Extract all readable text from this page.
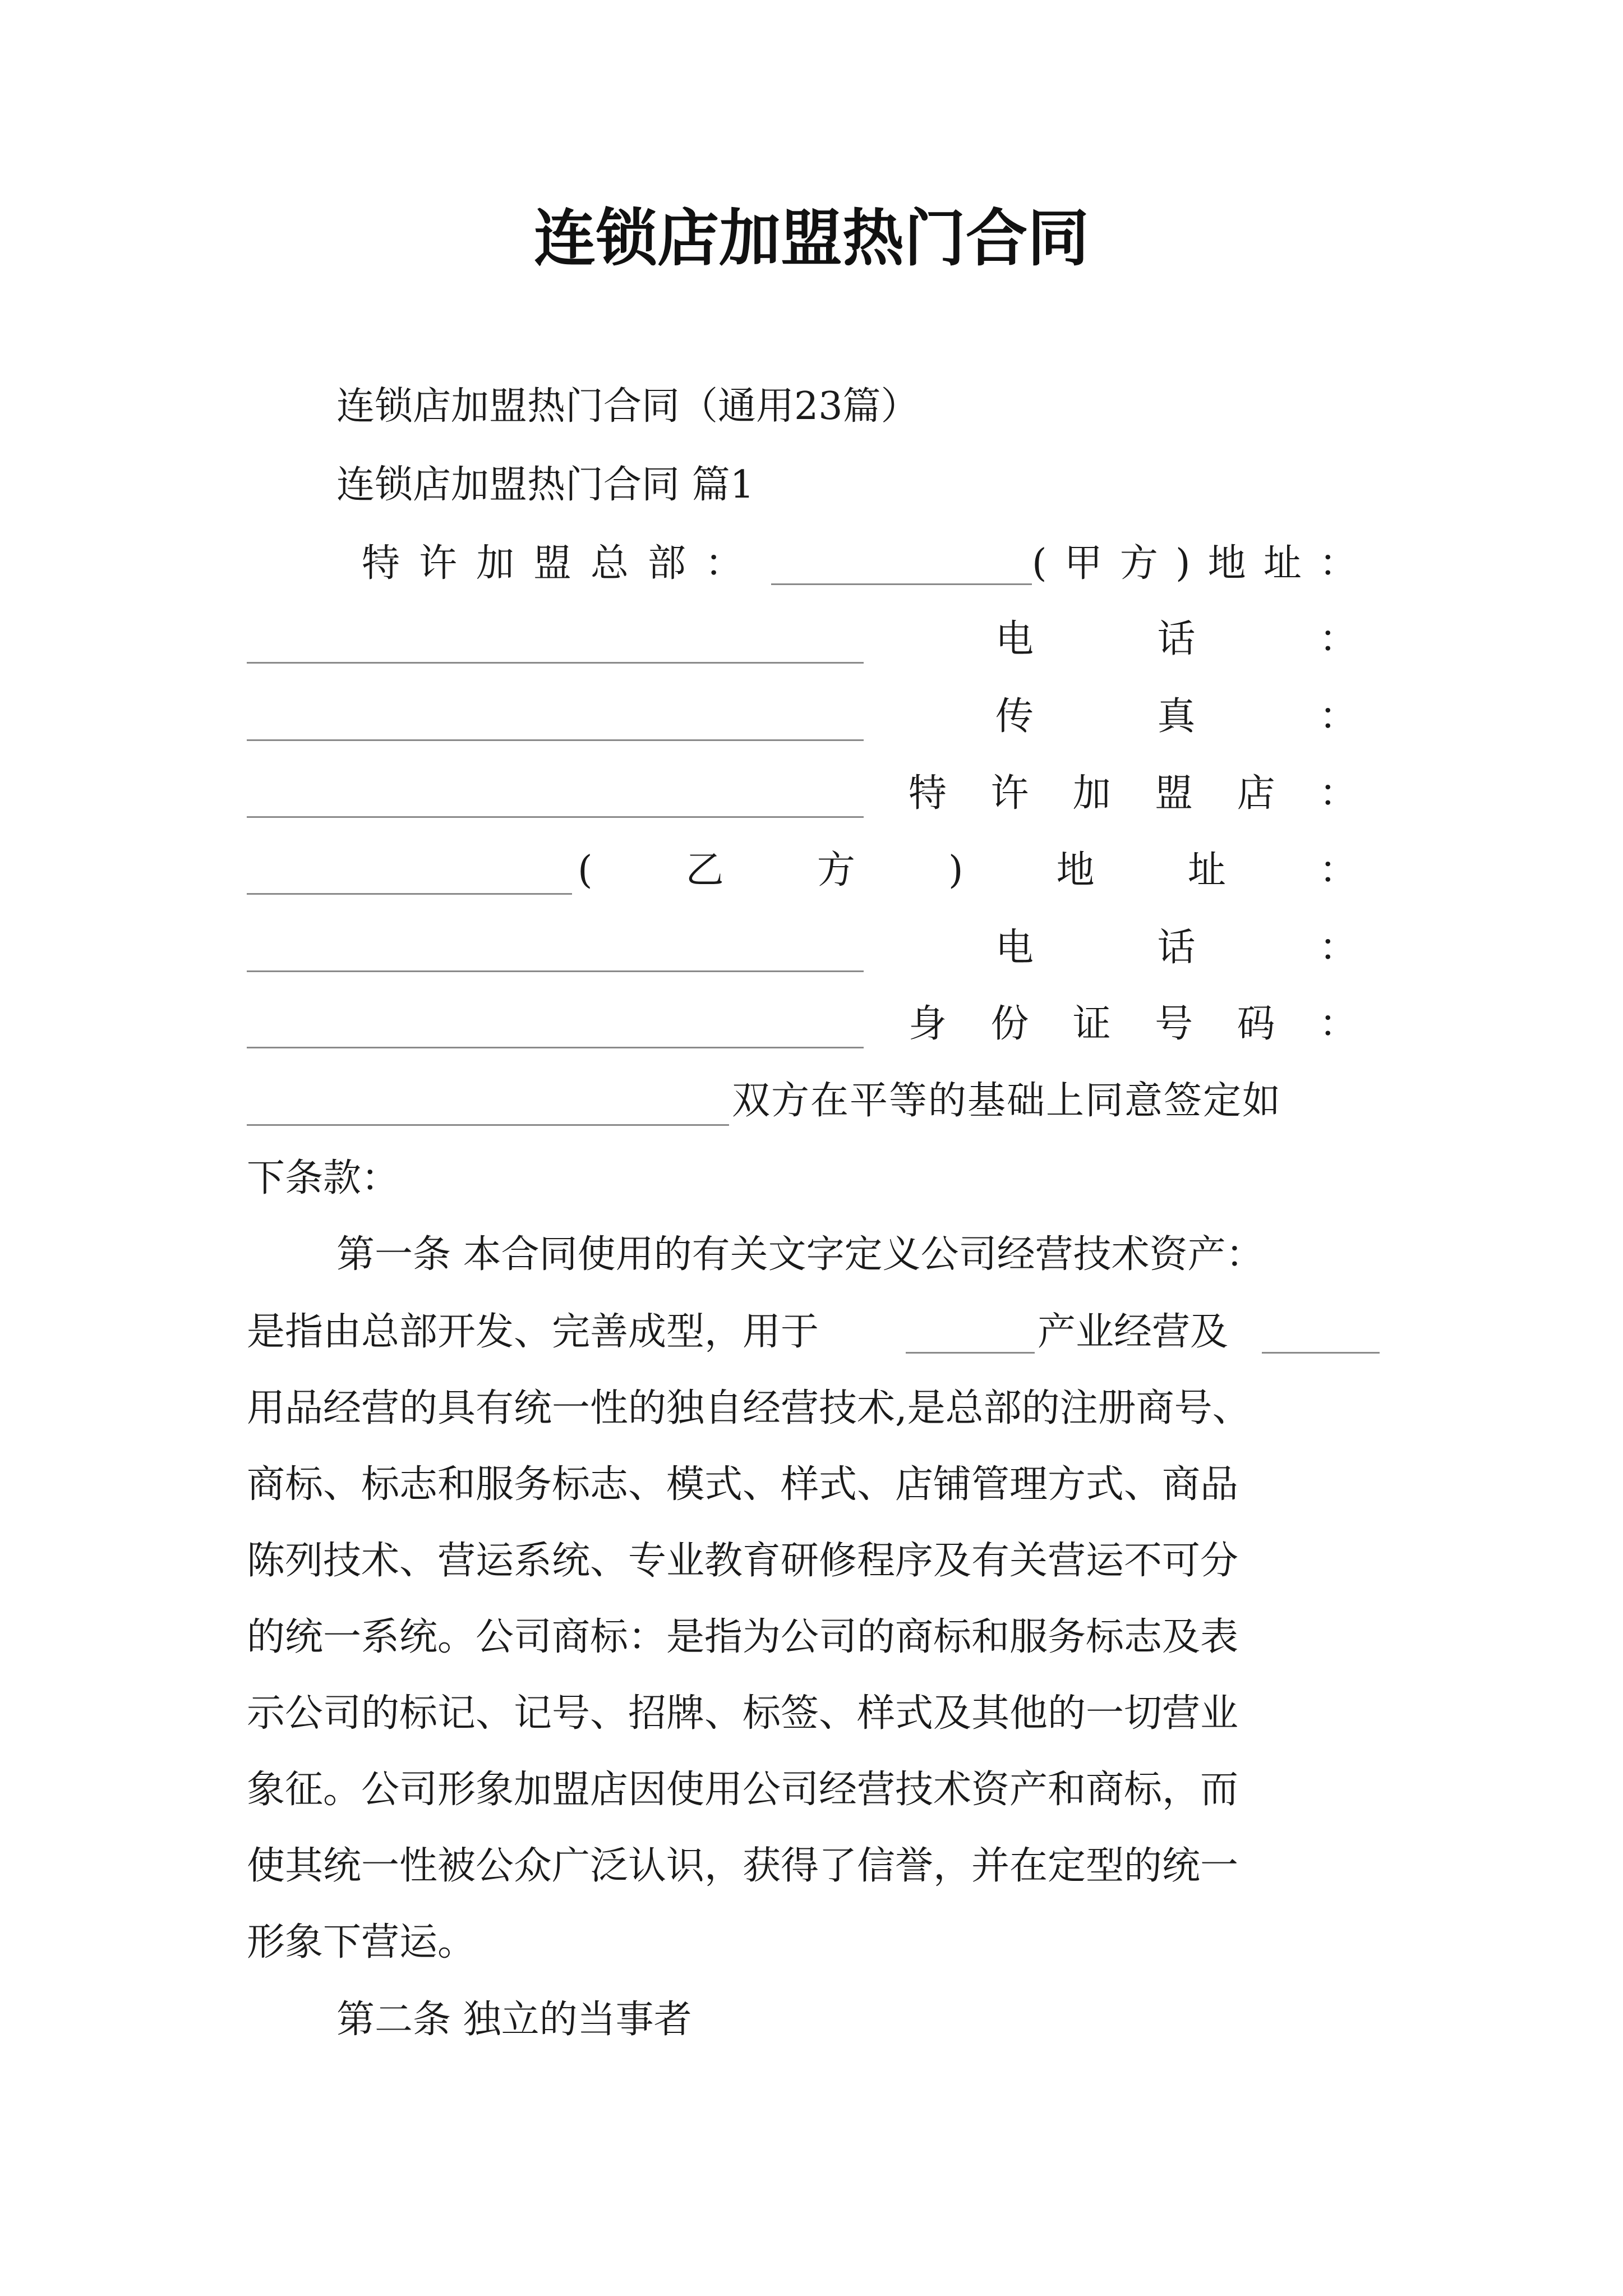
连锁店加盟热门合同
连锁店加盟热门合同（通用23篇）
连锁店加盟热门合同 篇1
特 许 加 盟 总 部 ：	( 甲 方 ) 地 址 ：
电	话	：
传	真	：
特 许 加 盟 店 ：
( 乙 方 ) 地 址 ：
电	话	：
身 份 证 号 码 ：
双方在平等的基础上同意签定如
下条款：
第一条 本合同使用的有关文字定义公司经营技术资产：
是指由总部开发、完善成型，用于	产业经营及
用品经营的具有统一性的独自经营技术,是总部的注册商号、
商标、标志和服务标志、模式、样式、店铺管理方式、商品
陈列技术、营运系统、专业教育研修程序及有关营运不可分
的统一系统。公司商标：是指为公司的商标和服务标志及表
示公司的标记、记号、招牌、标签、样式及其他的一切营业
象征。公司形象加盟店因使用公司经营技术资产和商标，而
使其统一性被公众广泛认识，获得了信誉，并在定型的统一
形象下营运。
第二条 独立的当事者
